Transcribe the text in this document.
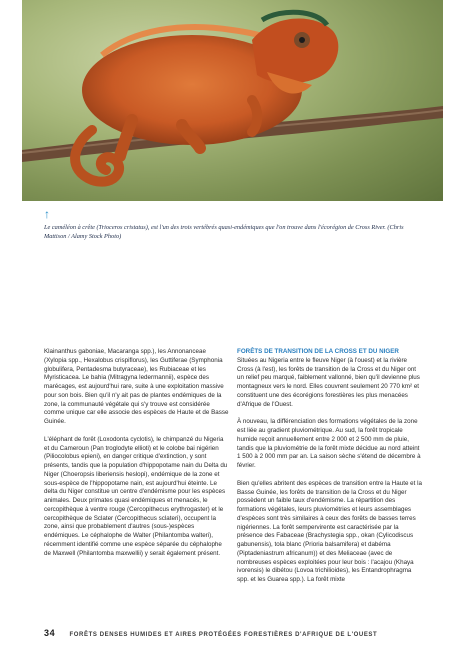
↑
Le caméléon à crête (Trioceros cristatus), est l'un des trois vertébrés quasi-endémiques que l'on trouve dans l'écorégion de Cross River. (Chris Mattison / Alamy Stock Photo)

Klainanthus gaboniae, Macaranga spp.), les Annonanceae (Xylopia spp., Hexalobus crispiflorus), les Guttiferae (Symphonia globulifera, Pentadesma butyraceae), les Rubiaceae et les Myristicacea. Le bahia (Mitragyna ledermannii), espèce des marécages, est aujourd'hui rare, suite à une exploitation massive pour son bois. Bien qu'il n'y ait pas de plantes endémiques de la zone, la communauté végétale qui s'y trouve est considérée comme unique car elle associe des espèces de Haute et de Basse Guinée.

L'éléphant de forêt (Loxodonta cyclotis), le chimpanzé du Nigeria et du Cameroun (Pan troglodyte ellioti) et le colobe bai nigérien (Piliocolobus epieni), en danger critique d'extinction, y sont présents, tandis que la population d'hippopotame nain du Delta du Niger (Choeropsis liberiensis heslopi), endémique de la zone et sous-espèce de l'hippopotame nain, est aujourd'hui éteinte. Le delta du Niger constitue un centre d'endémisme pour les espèces animales. Deux primates quasi endémiques et menacés, le cercopithèque à ventre rouge (Cercopithecus erythrogaster) et le cercopithèque de Sclater (Cercopithecus sclateri), occupent la zone, ainsi que probablement d'autres (sous-)espèces endémiques. Le céphalophe de Walter (Philantomba walteri), récemment identifié comme une espèce séparée du céphalophe de Maxwell (Philantomba maxwellii) y serait également présent.

FORÊTS DE TRANSITION DE LA CROSS ET DU NIGER

Situées au Nigeria entre le fleuve Niger (à l'ouest) et la rivière Cross (à l'est), les forêts de transition de la Cross et du Niger ont un relief peu marqué, faiblement vallonné, bien qu'il devienne plus montagneux vers le nord. Elles couvrent seulement 20 770 km² et constituent une des écorégions forestières les plus menacées d'Afrique de l'Ouest.

À nouveau, la différenciation des formations végétales de la zone est liée au gradient pluviométrique. Au sud, la forêt tropicale humide reçoit annuellement entre 2 000 et 2 500 mm de pluie, tandis que la pluviométrie de la forêt mixte décidue au nord atteint 1 500 à 2 000 mm par an. La saison sèche s'étend de décembre à février.

Bien qu'elles abritent des espèces de transition entre la Haute et la Basse Guinée, les forêts de transition de la Cross et du Niger possèdent un faible taux d'endémisme. La répartition des formations végétales, leurs pluviométries et leurs assemblages d'espèces sont très similaires à ceux des forêts de basses terres nigériennes. La forêt sempervirente est caractérisée par la présence des Fabaceae (Brachystegia spp., okan (Cylicodiscus gabunensis), tola blanc (Prioria balsamifera) et dabéma (Piptadeniastrum africanum)) et des Meliaceae (avec de nombreuses espèces exploitées pour leur bois : l'acajou (Khaya ivorensis) le dibétou (Lovoa trichilioides), les Entandrophragma spp. et les Guarea spp.). La forêt mixte

34 FORÊTS DENSES HUMIDES ET AIRES PROTÉGÉES FORESTIÈRES D'AFRIQUE DE L'OUEST
